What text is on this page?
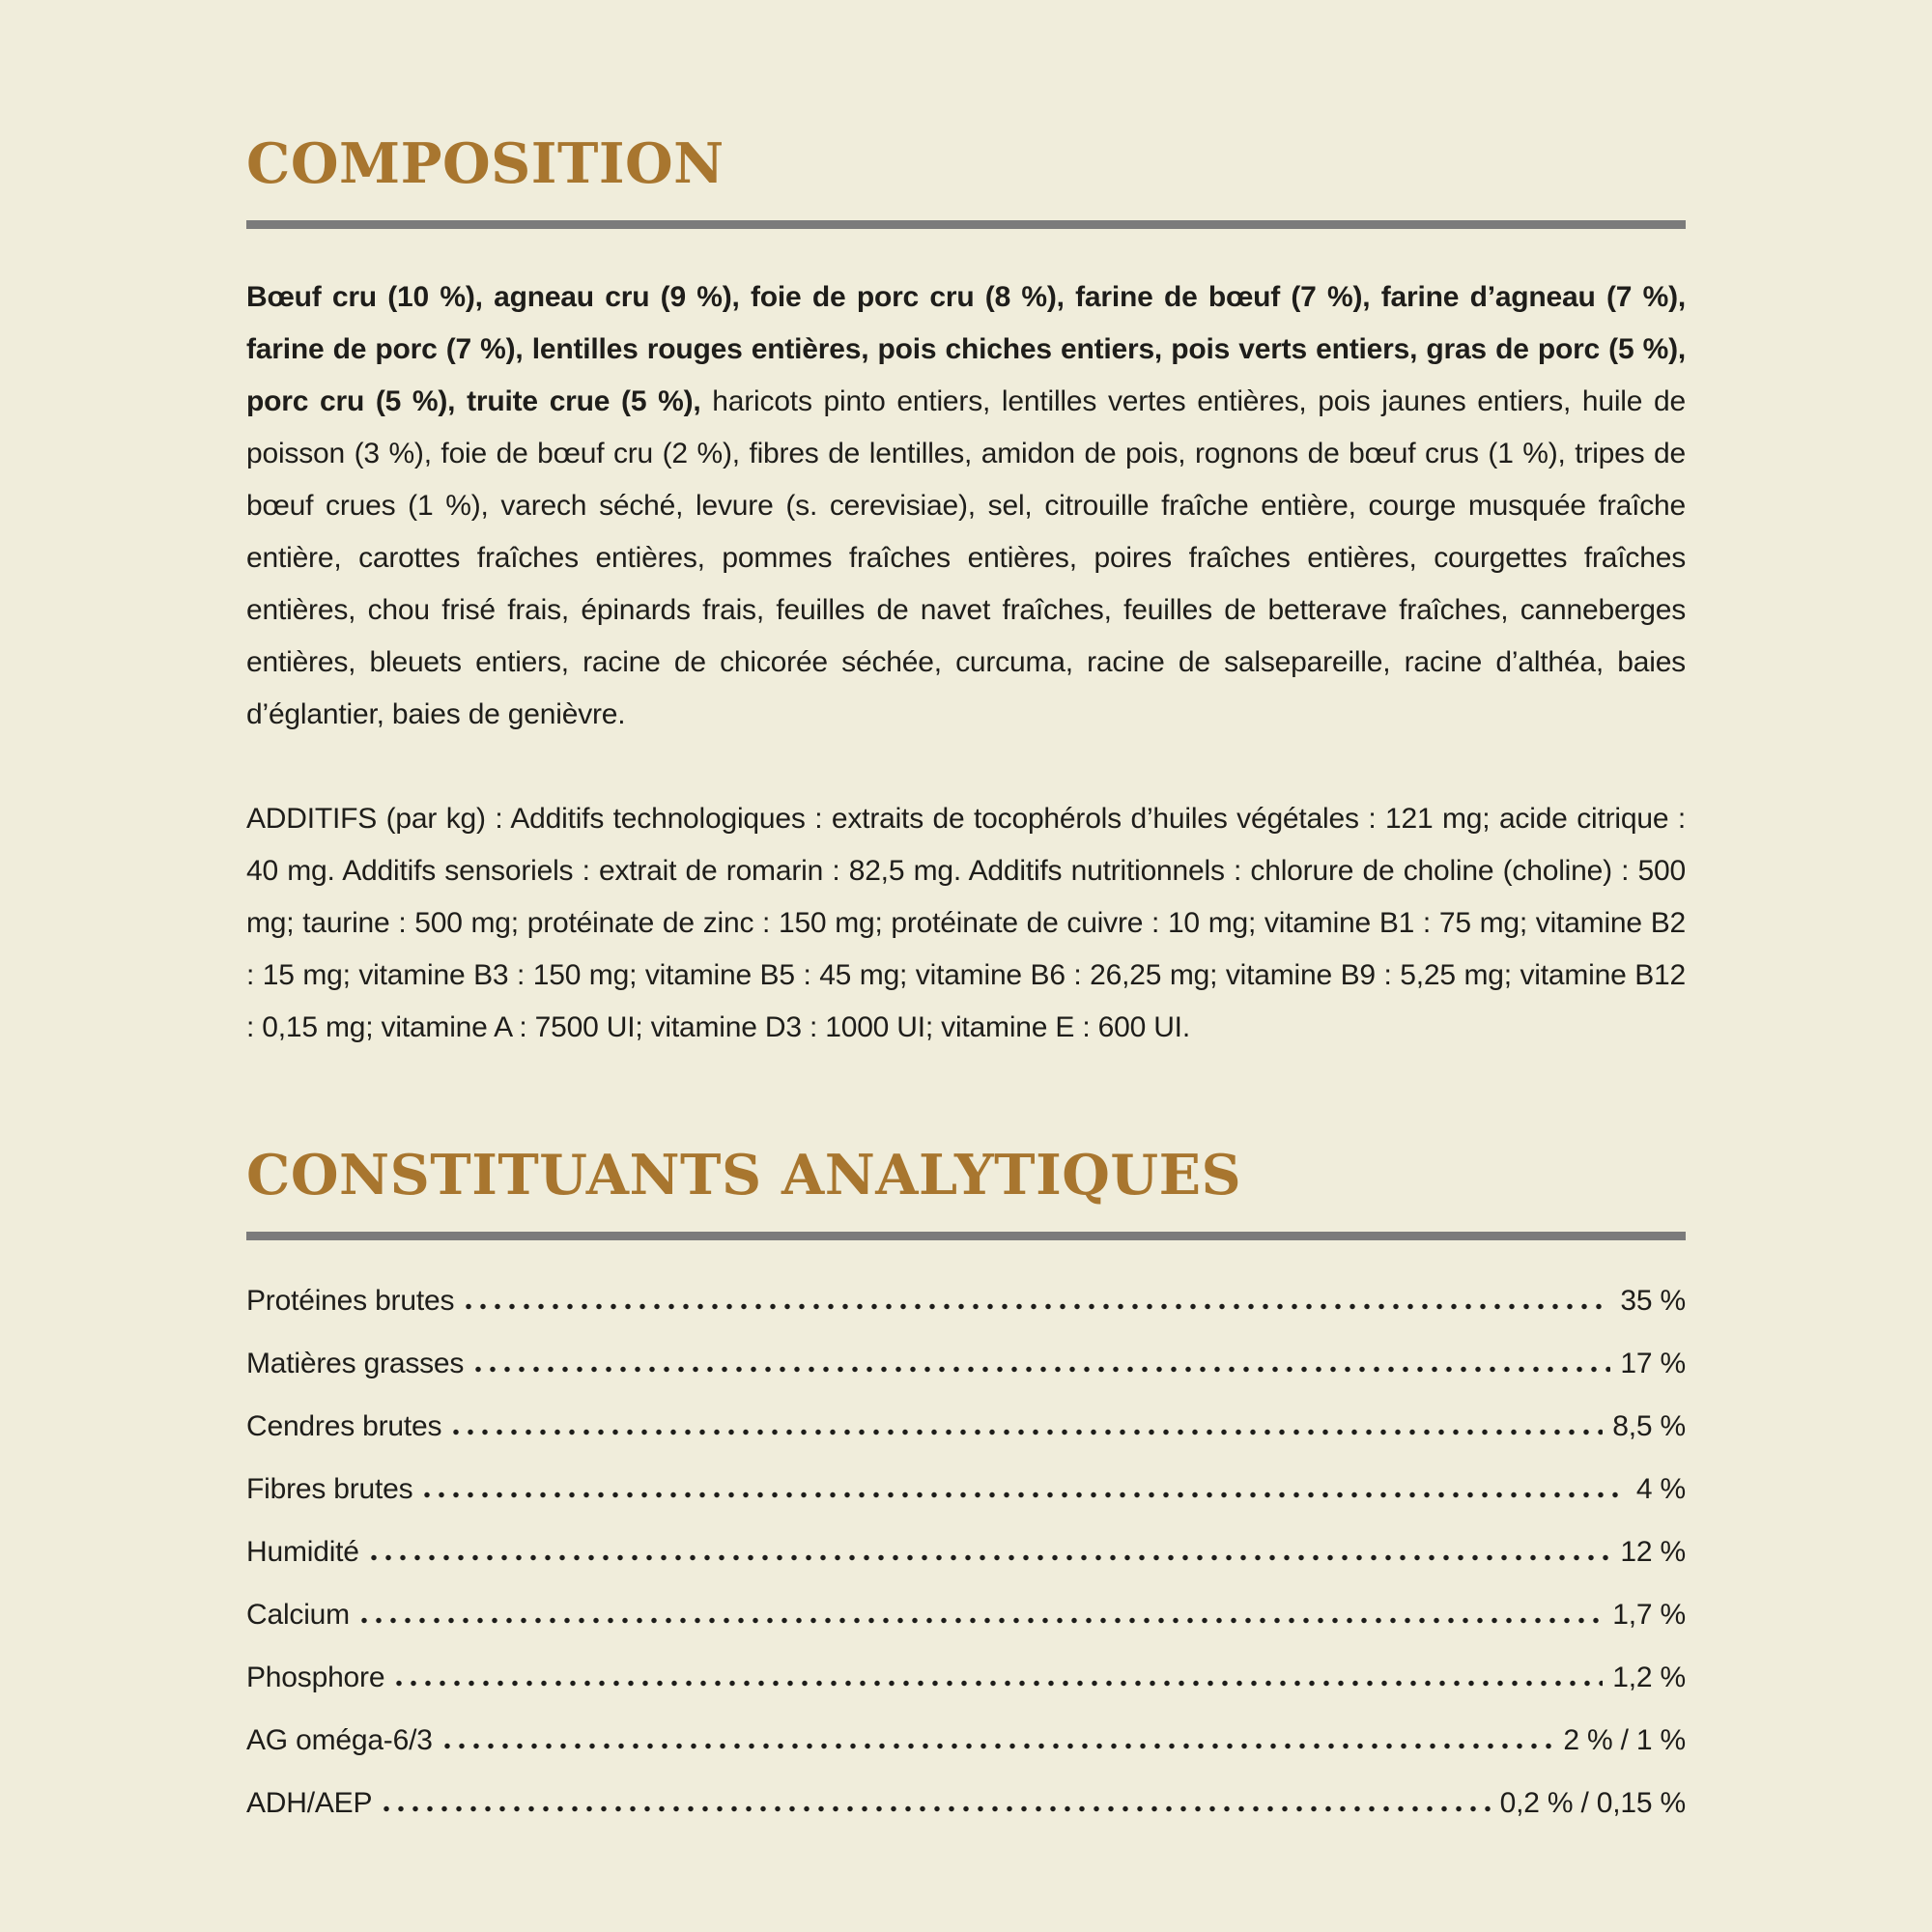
COMPOSITION

Bœuf cru (10 %), agneau cru (9 %), foie de porc cru (8 %), farine de bœuf (7 %), farine d’agneau (7 %), farine de porc (7 %), lentilles rouges entières, pois chiches entiers, pois verts entiers, gras de porc (5 %), porc cru (5 %), truite crue (5 %), haricots pinto entiers, lentilles vertes entières, pois jaunes entiers, huile de poisson (3 %), foie de bœuf cru (2 %), fibres de lentilles, amidon de pois, rognons de bœuf crus (1 %), tripes de bœuf crues (1 %), varech séché, levure (s. cerevisiae), sel, citrouille fraîche entière, courge musquée fraîche entière, carottes fraîches entières, pommes fraîches entières, poires fraîches entières, courgettes fraîches entières, chou frisé frais, épinards frais, feuilles de navet fraîches, feuilles de betterave fraîches, canneberges entières, bleuets entiers, racine de chicorée séchée, curcuma, racine de salsepareille, racine d’althéa, baies d’églantier, baies de genièvre.

ADDITIFS (par kg) : Additifs technologiques : extraits de tocophérols d’huiles végétales : 121 mg; acide citrique : 40 mg. Additifs sensoriels : extrait de romarin : 82,5 mg. Additifs nutritionnels : chlorure de choline (choline) : 500 mg; taurine : 500 mg; protéinate de zinc : 150 mg; protéinate de cuivre : 10 mg; vitamine B1 : 75 mg; vitamine B2 : 15 mg; vitamine B3 : 150 mg; vitamine B5 : 45 mg; vitamine B6 : 26,25 mg; vitamine B9 : 5,25 mg; vitamine B12 : 0,15 mg; vitamine A : 7500 UI; vitamine D3 : 1000 UI; vitamine E : 600 UI.

CONSTITUANTS ANALYTIQUES
Protéines brutes	35 %
Matières grasses	17 %
Cendres brutes	8,5 %
Fibres brutes	4 %
Humidité	12 %
Calcium	1,7 %
Phosphore	1,2 %
AG oméga-6/3	2 % / 1 %
ADH/AEP	0,2 % / 0,15 %
